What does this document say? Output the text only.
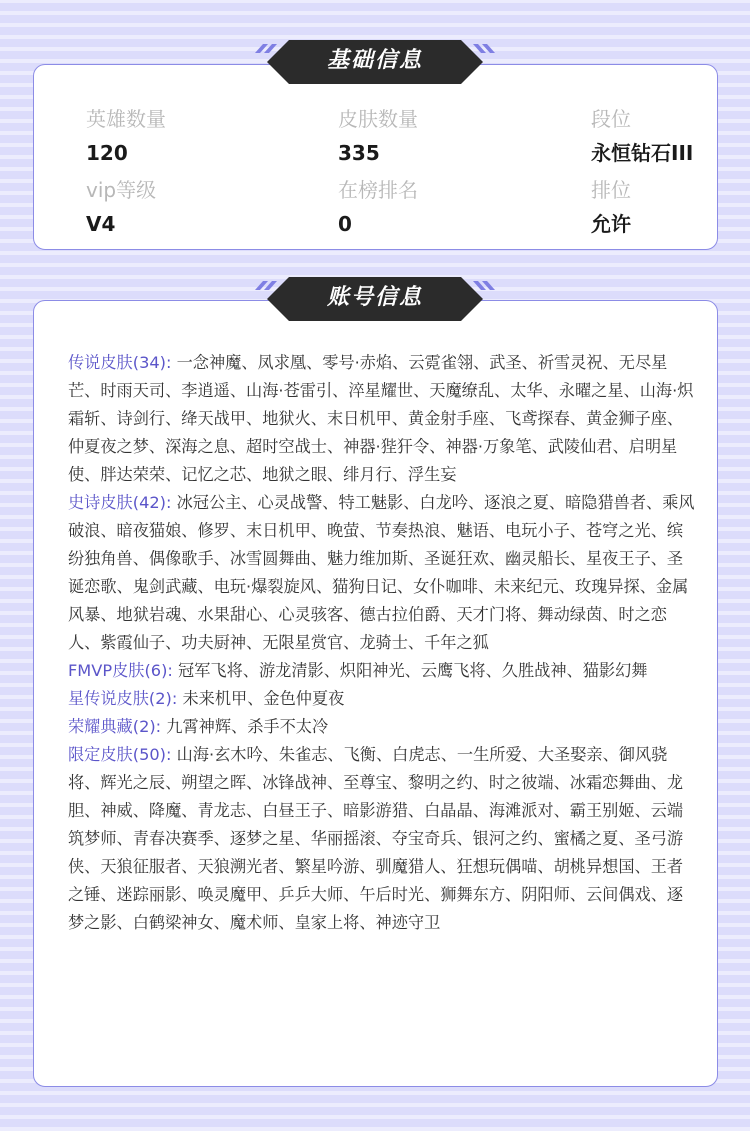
英雄数量
120
皮肤数量
335
段位
永恒钻石III
vip等级
V4
在榜排名
0
排位
允许
传说皮肤(34): 一念神魔、凤求凰、零号·赤焰、云霓雀翎、武圣、祈雪灵祝、无尽星芒、时雨天司、李逍遥、山海·苍雷引、淬星耀世、天魔缭乱、太华、永曜之星、山海·炽霜斩、诗剑行、绛天战甲、地狱火、末日机甲、黄金射手座、飞鸢探春、黄金狮子座、仲夏夜之梦、深海之息、超时空战士、神器·狴犴令、神器·万象笔、武陵仙君、启明星使、胖达荣荣、记忆之芯、地狱之眼、绯月行、浮生妄
史诗皮肤(42): 冰冠公主、心灵战警、特工魅影、白龙吟、逐浪之夏、暗隐猎兽者、乘风破浪、暗夜猫娘、修罗、末日机甲、晚萤、节奏热浪、魅语、电玩小子、苍穹之光、缤纷独角兽、偶像歌手、冰雪圆舞曲、魅力维加斯、圣诞狂欢、幽灵船长、星夜王子、圣诞恋歌、鬼剑武藏、电玩·爆裂旋风、猫狗日记、女仆咖啡、未来纪元、玫瑰异探、金属风暴、地狱岩魂、水果甜心、心灵骇客、德古拉伯爵、天才门将、舞动绿茵、时之恋人、紫霞仙子、功夫厨神、无限星赏官、龙骑士、千年之狐
FMVP皮肤(6): 冠军飞将、游龙清影、炽阳神光、云鹰飞将、久胜战神、猫影幻舞
星传说皮肤(2): 未来机甲、金色仲夏夜
荣耀典藏(2): 九霄神辉、杀手不太冷
限定皮肤(50): 山海·玄木吟、朱雀志、飞衡、白虎志、一生所爱、大圣娶亲、御风骁将、辉光之辰、朔望之晖、冰锋战神、至尊宝、黎明之约、时之彼端、冰霜恋舞曲、龙胆、神威、降魔、青龙志、白昼王子、暗影游猎、白晶晶、海滩派对、霸王别姬、云端筑梦师、青春决赛季、逐梦之星、华丽摇滚、夺宝奇兵、银河之约、蜜橘之夏、圣弓游侠、天狼征服者、天狼溯光者、繁星吟游、驯魔猎人、狂想玩偶喵、胡桃异想国、王者之锤、迷踪丽影、唤灵魔甲、乒乒大师、午后时光、狮舞东方、阴阳师、云间偶戏、逐梦之影、白鹤梁神女、魔术师、皇家上将、神迹守卫
基础信息
账号信息
